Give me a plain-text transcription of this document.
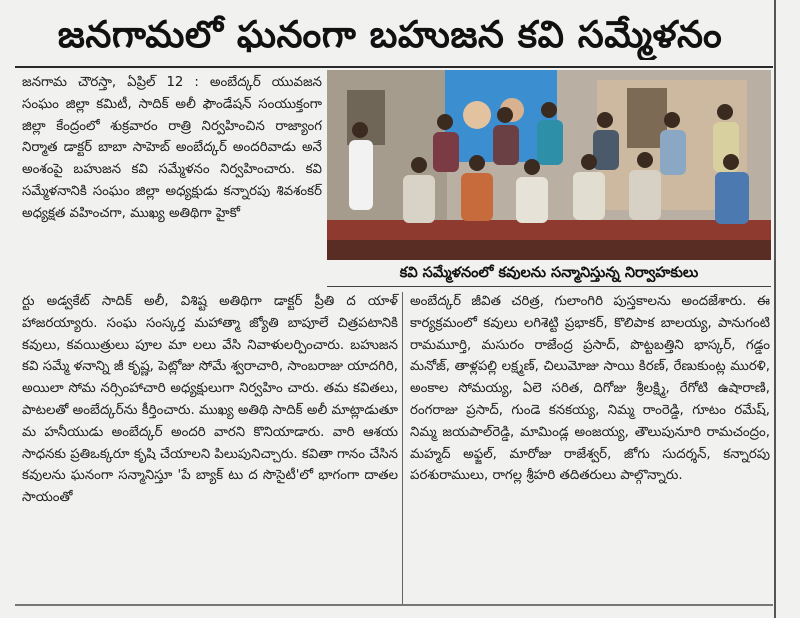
జనగామలో ఘనంగా బహుజన కవి సమ్మేళనం

జనగామ చౌరస్తా, ఏప్రిల్ 12 : అంబేద్కర్ యువజన సంఘం జిల్లా కమిటీ, సాదిక్ అలీ ఫౌండేషన్ సంయుక్తంగా జిల్లా కేంద్రంలో శుక్రవారం రాత్రి నిర్వహించిన రాజ్యాంగ నిర్మాత డాక్టర్ బాబా సాహెబ్ అంబేద్కర్ అందరివాడు అనే అంశంపై బహుజన కవి సమ్మేళనం నిర్వహించారు. కవి సమ్మేళనానికి సంఘం జిల్లా అధ్యక్షుడు కన్నారపు శివశంకర్ అధ్యక్షత వహించగా, ముఖ్య అతిథిగా హైకో

కవి సమ్మేళనంలో కవులను సన్మానిస్తున్న నిర్వాహకులు

ర్టు అడ్వకేట్ సాదిక్ అలీ, విశిష్ట అతిథిగా డాక్టర్ ప్రీతి ద యాళ్ హాజరయ్యారు. సంఘ సంస్కర్త మహాత్మా జ్యోతి బాపూలే చిత్రపటానికి కవులు, కవయిత్రులు పూల మా లలు వేసి నివాళులర్పించారు. బహుజన కవి సమ్మే ళనాన్ని జీ కృష్ణ, పెట్లోజు సోమే శ్వరాచారి, సాంబరాజు యాదగిరి, అయిలా సోమ నర్సింహాచారి అధ్యక్షులుగా నిర్వహిం చారు. తమ కవితలు, పాటలతో అంబేద్కర్‌ను కీర్తించారు. ముఖ్య అతిథి సాదిక్ అలీ మాట్లాడుతూ మ హనీయుడు అంబేద్కర్ అందరి వారని కొనియాడారు. వారి ఆశయ సాధనకు ప్రతిఒక్కరూ కృషి చేయాలని పిలుపునిచ్చారు. కవితా గానం చేసిన కవులను ఘనంగా సన్మానిస్తూ 'పే బ్యాక్ టు ద సొసైటీ'లో భాగంగా దాతల సాయంతో

అంబేద్కర్ జీవిత చరిత్ర, గులాంగిరి పుస్తకాలను అందజేశారు. ఈ కార్యక్రమంలో కవులు లగిశెట్టి ప్రభాకర్, కొలిపాక బాలయ్య, పానుగంటి రామమూర్తి, మసురం రాజేంద్ర ప్రసాద్, పొట్టబత్తిని భాస్కర్, గడ్డం మనోజ్, తాళ్లపల్లి లక్ష్మణ్, చిలుమోజు సాయి కిరణ్, రేణుకుంట్ల మురళి, అంకాల సోమయ్య, ఏలె సరిత, దిగోజు శ్రీలక్ష్మి, రేగోటి ఉషారాణి, రంగరాజు ప్రసాద్, గుండె కనకయ్య, నిమ్మ రాంరెడ్డి, గూటం రమేష్, నిమ్మ జయపాల్‌రెడ్డి, మామిండ్ల అంజయ్య, తౌలుపునూరి రామచంద్రం, మహ్మద్ అఫ్జల్, మారోజు రాజేశ్వర్, జోగు సుదర్శన్, కన్నారపు పరశురాములు, రాగల్ల శ్రీహరి తదితరులు పాల్గొన్నారు.
